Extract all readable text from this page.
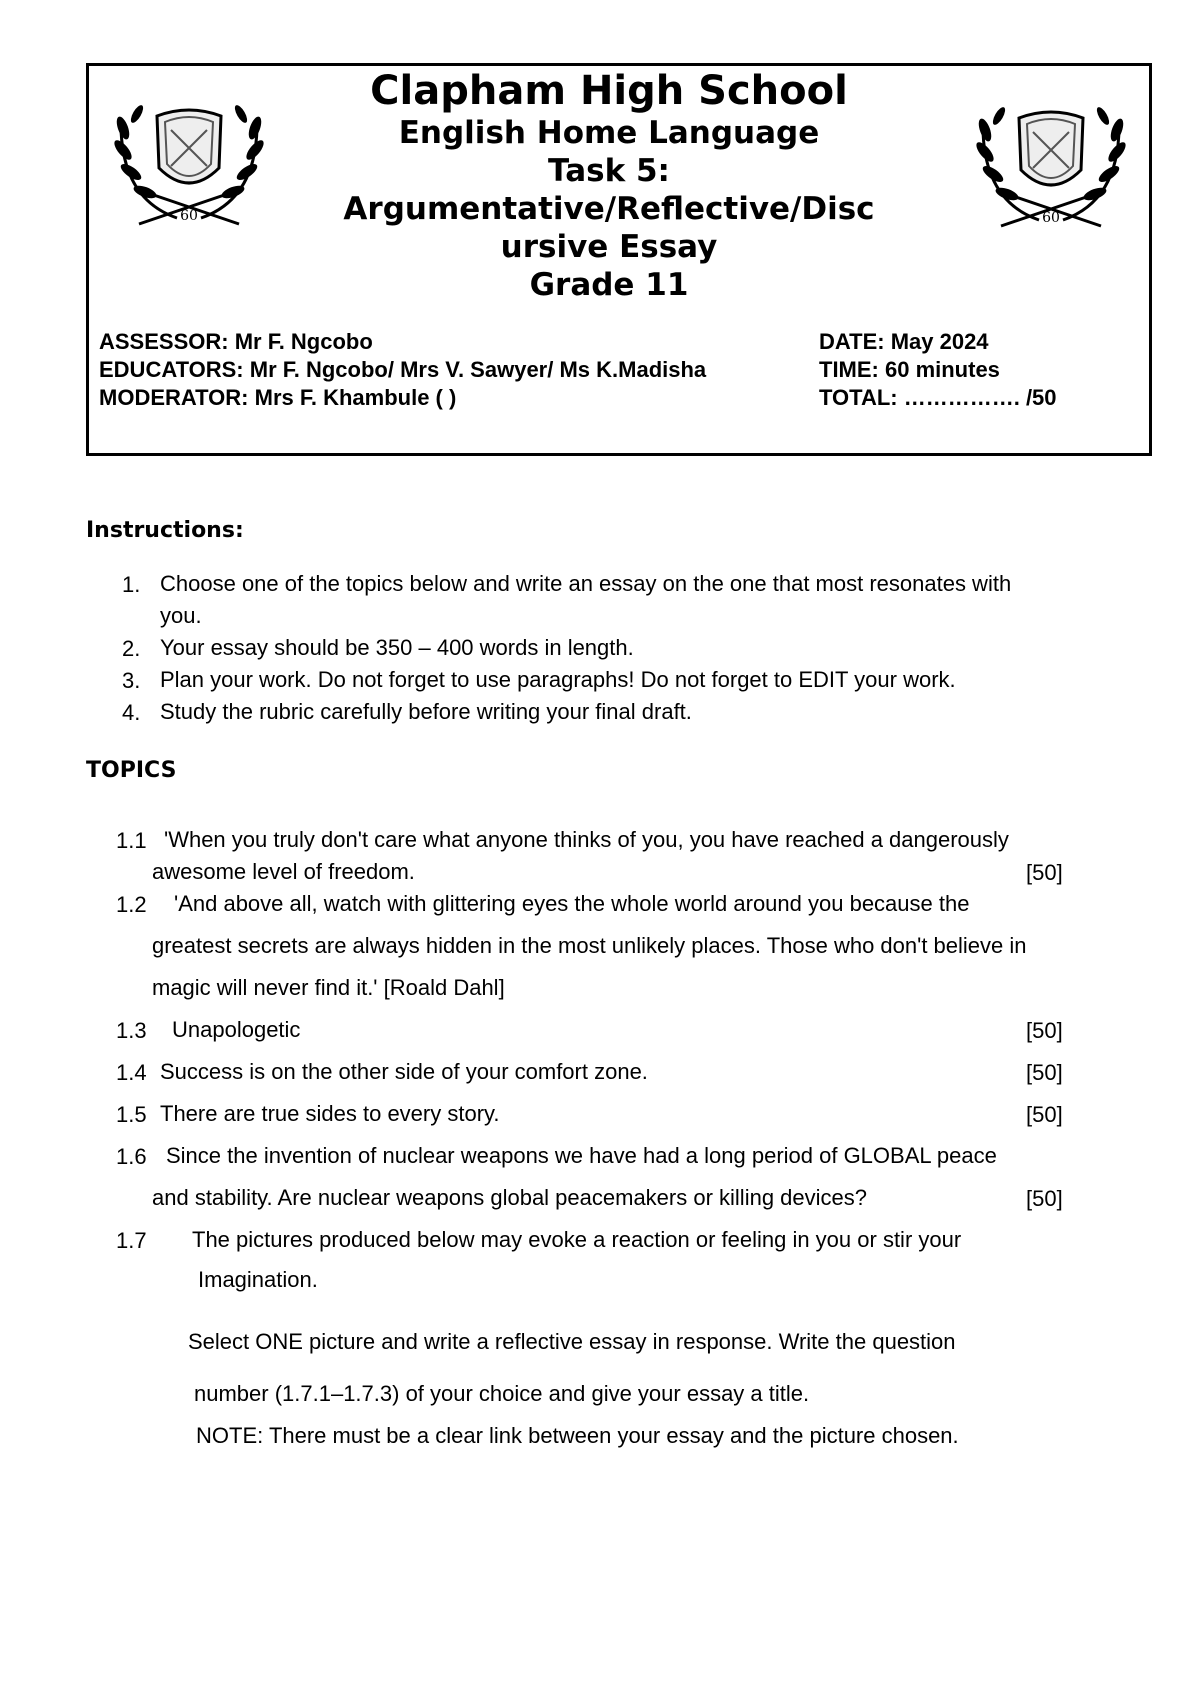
60	60
Clapham High School
English Home Language
Task 5:
Argumentative/Reflective/Disc
ursive Essay
Grade 11
ASSESSOR: Mr F. Ngcobo
EDUCATORS: Mr F. Ngcobo/ Mrs V. Sawyer/ Ms K.Madisha
MODERATOR: Mrs F. Khambule ( )
DATE: May 2024
TIME: 60 minutes
TOTAL: ……………. /50
Instructions:
1. Choose one of the topics below and write an essay on the one that most resonates with
you.
2. Your essay should be 350 – 400 words in length.
3. Plan your work. Do not forget to use paragraphs! Do not forget to EDIT your work.
4. Study the rubric carefully before writing your final draft.
TOPICS
1.1 'When you truly don't care what anyone thinks of you, you have reached a dangerously
awesome level of freedom.	[50]
1.2 'And above all, watch with glittering eyes the whole world around you because the
greatest secrets are always hidden in the most unlikely places. Those who don't believe in
magic will never find it.' [Roald Dahl]
1.3 Unapologetic	[50]
1.4 Success is on the other side of your comfort zone.	[50]
1.5 There are true sides to every story.	[50]
1.6 Since the invention of nuclear weapons we have had a long period of GLOBAL peace
and stability. Are nuclear weapons global peacemakers or killing devices?	[50]
1.7 The pictures produced below may evoke a reaction or feeling in you or stir your
Imagination.
Select ONE picture and write a reflective essay in response. Write the question
number (1.7.1–1.7.3) of your choice and give your essay a title.
NOTE: There must be a clear link between your essay and the picture chosen.
